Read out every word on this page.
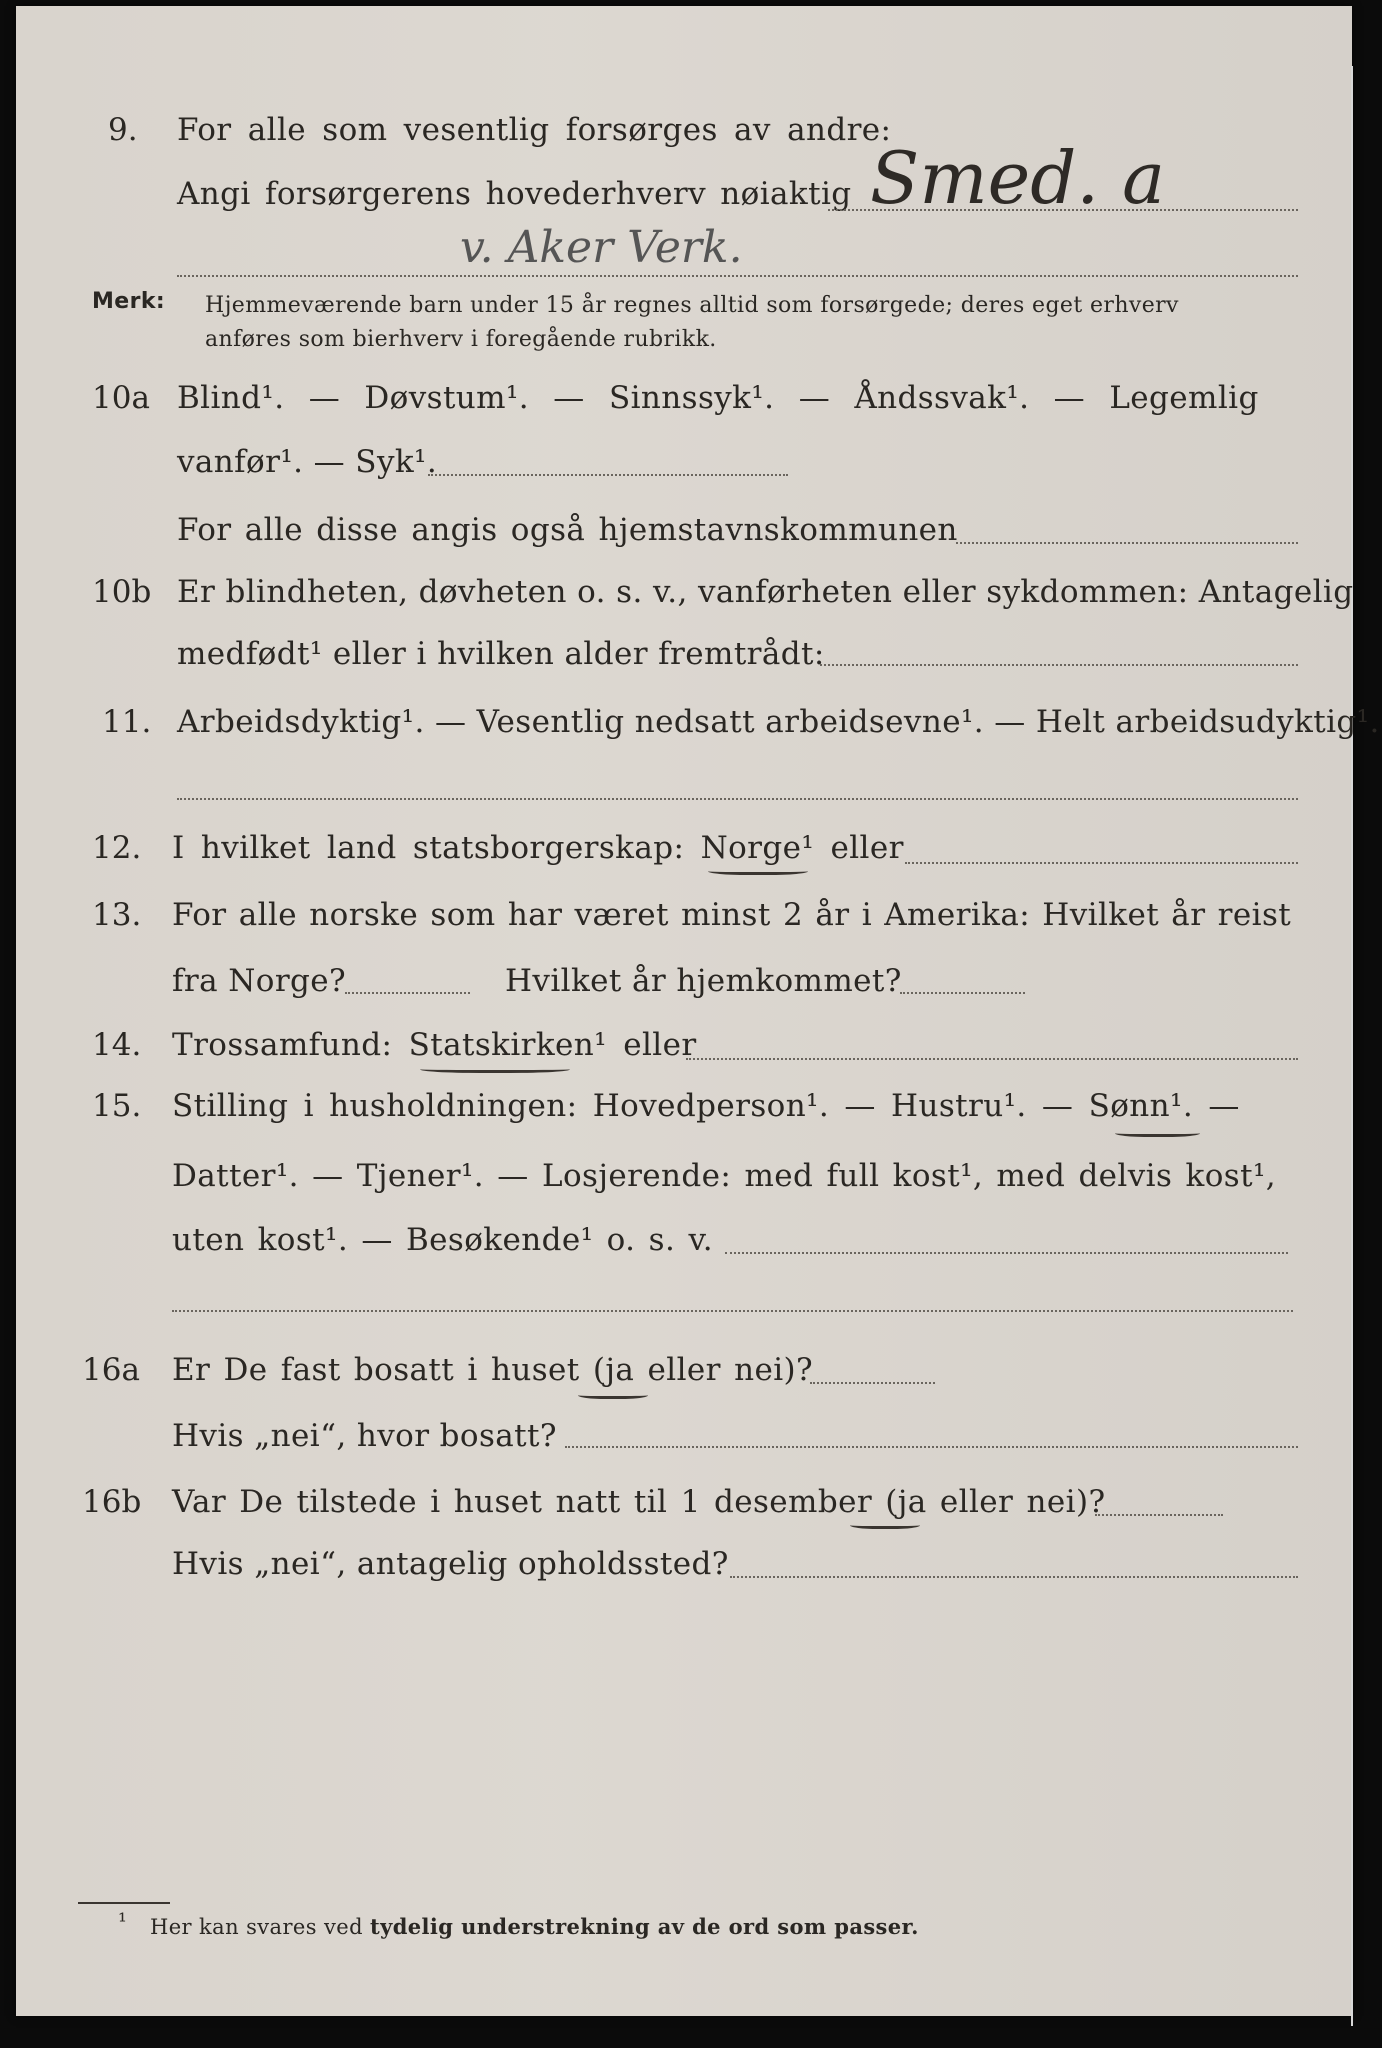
9. For alle som vesentlig forsørges av andre:
Angi forsørgerens hovederhverv nøiaktig Smed. a
v. Aker Verk.
Merk: Hjemmeværende barn under 15 år regnes alltid som forsørgede; deres eget erhverv
anføres som bierhverv i foregående rubrikk.
10a Blind¹. — Døvstum¹. — Sinnssyk¹. — Åndssvak¹. — Legemlig
vanfør¹. — Syk¹.
For alle disse angis også hjemstavnskommunen
10b Er blindheten, døvheten o. s. v., vanførheten eller sykdommen: Antagelig
medfødt¹ eller i hvilken alder fremtrådt:
11. Arbeidsdyktig¹. — Vesentlig nedsatt arbeidsevne¹. — Helt arbeidsudyktig¹.
12. I hvilket land statsborgerskap: Norge¹ eller
13. For alle norske som har været minst 2 år i Amerika: Hvilket år reist
fra Norge?	Hvilket år hjemkommet?
14. Trossamfund: Statskirken¹ eller
15. Stilling i husholdningen: Hovedperson¹. — Hustru¹. — Sønn¹. —
Datter¹. — Tjener¹. — Losjerende: med full kost¹, med delvis kost¹,
uten kost¹. — Besøkende¹ o. s. v.
16a Er De fast bosatt i huset (ja eller nei)?
Hvis „nei“, hvor bosatt?
16b Var De tilstede i huset natt til 1 desember (ja eller nei)?
Hvis „nei“, antagelig opholdssted?
¹ Her kan svares ved tydelig understrekning av de ord som passer.
